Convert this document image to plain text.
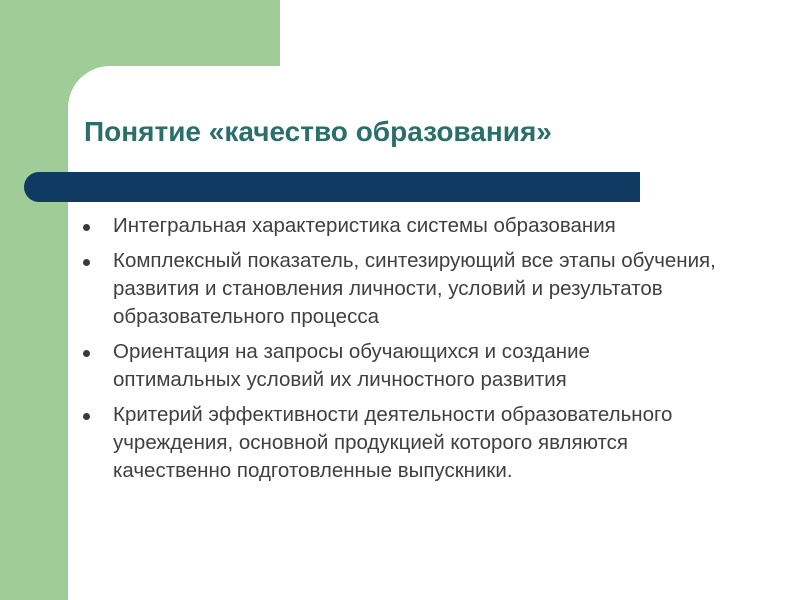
Понятие «качество образования»
Интегральная характеристика системы образования
Комплексный показатель, синтезирующий все этапы обучения, развития и становления личности, условий и результатов образовательного процесса
Ориентация на запросы обучающихся и создание оптимальных условий их личностного развития
Критерий эффективности деятельности образовательного учреждения, основной продукцией которого являются качественно подготовленные выпускники.
